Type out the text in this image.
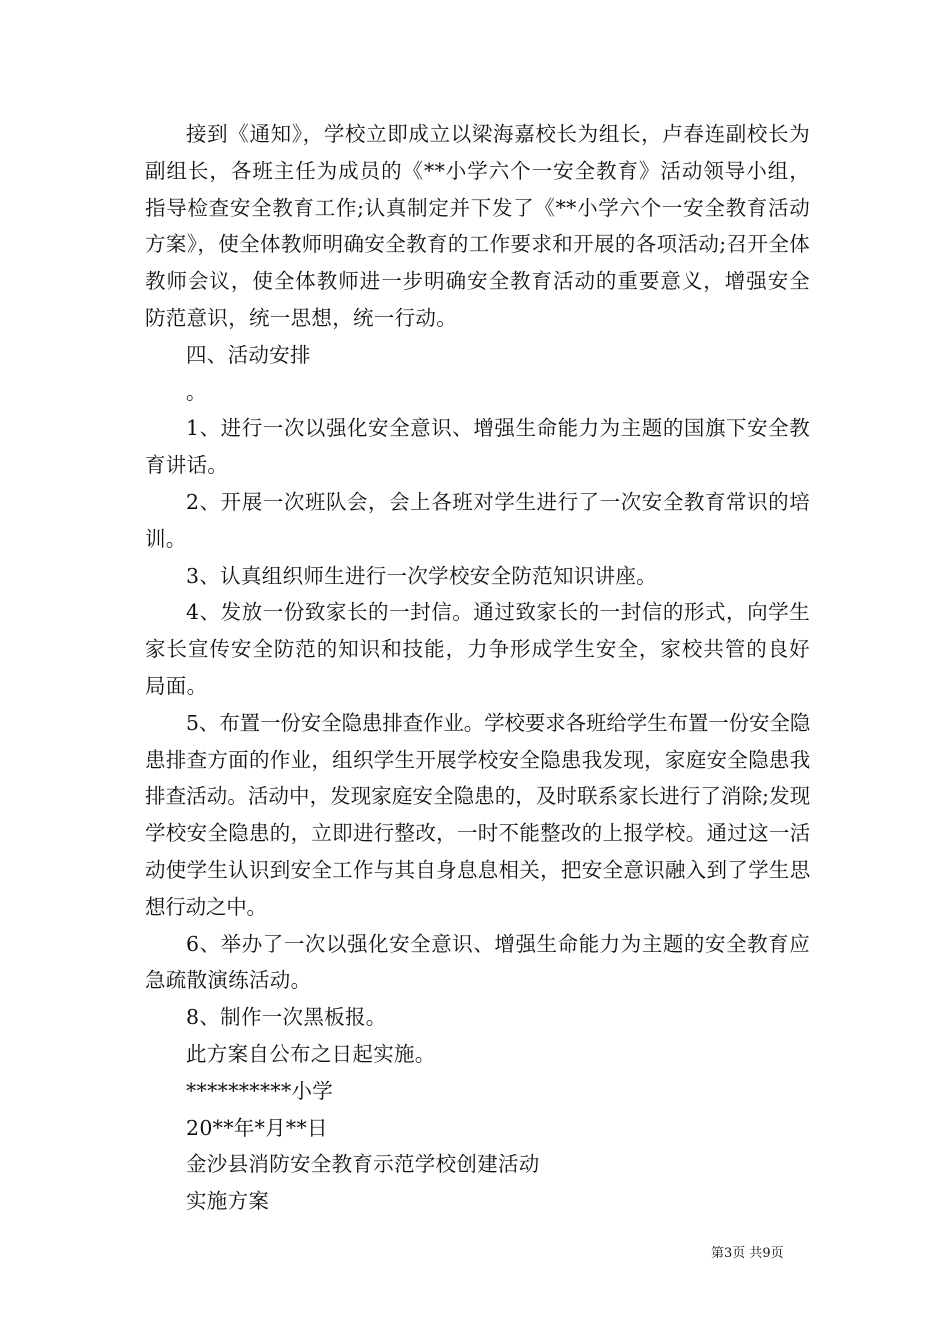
接到《通知》，学校立即成立以梁海嘉校长为组长，卢春连副校长为副组长，各班主任为成员的《**小学六个一安全教育》活动领导小组，指导检查安全教育工作;认真制定并下发了《**小学六个一安全教育活动方案》，使全体教师明确安全教育的工作要求和开展的各项活动;召开全体教师会议，使全体教师进一步明确安全教育活动的重要意义，增强安全防范意识，统一思想，统一行动。

四、活动安排

。

1、进行一次以强化安全意识、增强生命能力为主题的国旗下安全教育讲话。

2、开展一次班队会，会上各班对学生进行了一次安全教育常识的培训。

3、认真组织师生进行一次学校安全防范知识讲座。

4、发放一份致家长的一封信。通过致家长的一封信的形式，向学生家长宣传安全防范的知识和技能，力争形成学生安全，家校共管的良好局面。

5、布置一份安全隐患排查作业。学校要求各班给学生布置一份安全隐患排查方面的作业，组织学生开展学校安全隐患我发现，家庭安全隐患我排查活动。活动中，发现家庭安全隐患的，及时联系家长进行了消除;发现学校安全隐患的，立即进行整改，一时不能整改的上报学校。通过这一活动使学生认识到安全工作与其自身息息相关，把安全意识融入到了学生思想行动之中。

6、举办了一次以强化安全意识、增强生命能力为主题的安全教育应急疏散演练活动。

8、制作一次黑板报。

此方案自公布之日起实施。

**********小学

20**年*月**日

金沙县消防安全教育示范学校创建活动

实施方案

第3页 共9页
